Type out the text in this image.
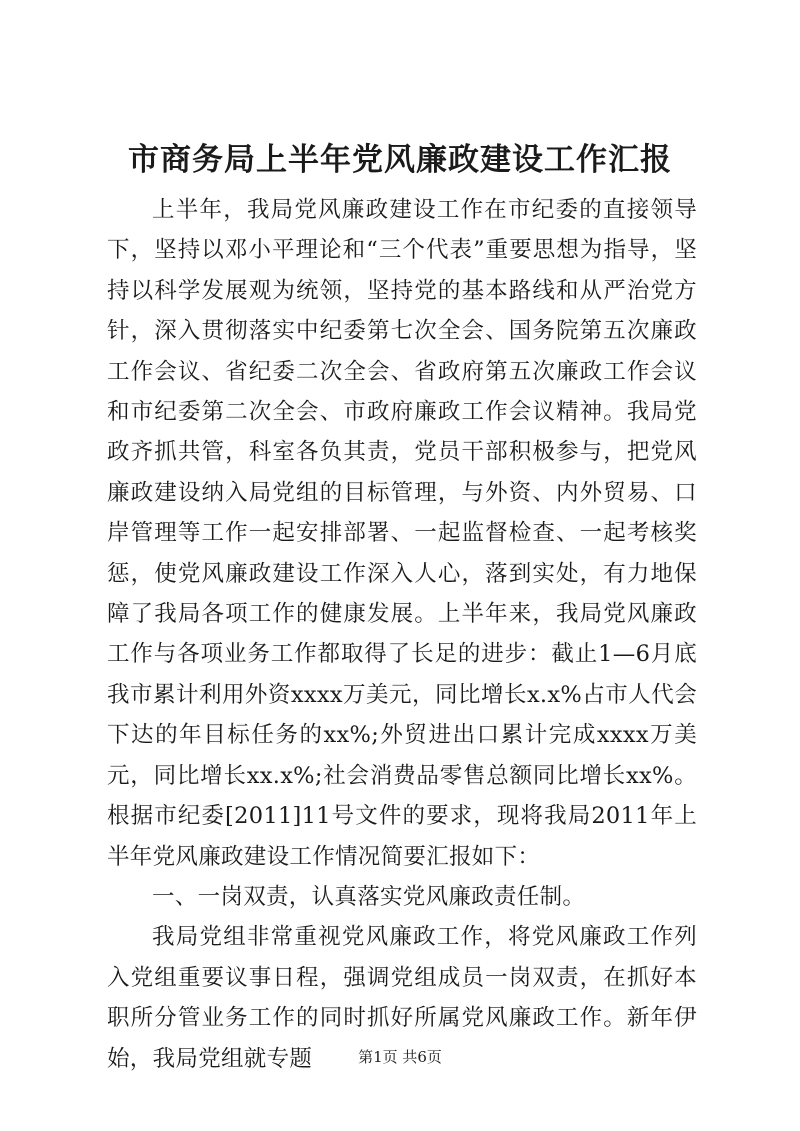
市商务局上半年党风廉政建设工作汇报

上半年，我局党风廉政建设工作在市纪委的直接领导下，坚持以邓小平理论和“三个代表”重要思想为指导，坚持以科学发展观为统领，坚持党的基本路线和从严治党方针，深入贯彻落实中纪委第七次全会、国务院第五次廉政工作会议、省纪委二次全会、省政府第五次廉政工作会议和市纪委第二次全会、市政府廉政工作会议精神。我局党政齐抓共管，科室各负其责，党员干部积极参与，把党风廉政建设纳入局党组的目标管理，与外资、内外贸易、口岸管理等工作一起安排部署、一起监督检查、一起考核奖惩，使党风廉政建设工作深入人心，落到实处，有力地保障了我局各项工作的健康发展。上半年来，我局党风廉政工作与各项业务工作都取得了长足的进步：截止1—6月底我市累计利用外资xxxx万美元，同比增长x.x%占市人代会下达的年目标任务的xx%;外贸进出口累计完成xxxx万美元，同比增长xx.x%;社会消费品零售总额同比增长xx%。根据市纪委[2011]11号文件的要求，现将我局2011年上半年党风廉政建设工作情况简要汇报如下：

一、一岗双责，认真落实党风廉政责任制。

我局党组非常重视党风廉政工作，将党风廉政工作列入党组重要议事日程，强调党组成员一岗双责，在抓好本职所分管业务工作的同时抓好所属党风廉政工作。新年伊始，我局党组就专题	第1页 共6页
